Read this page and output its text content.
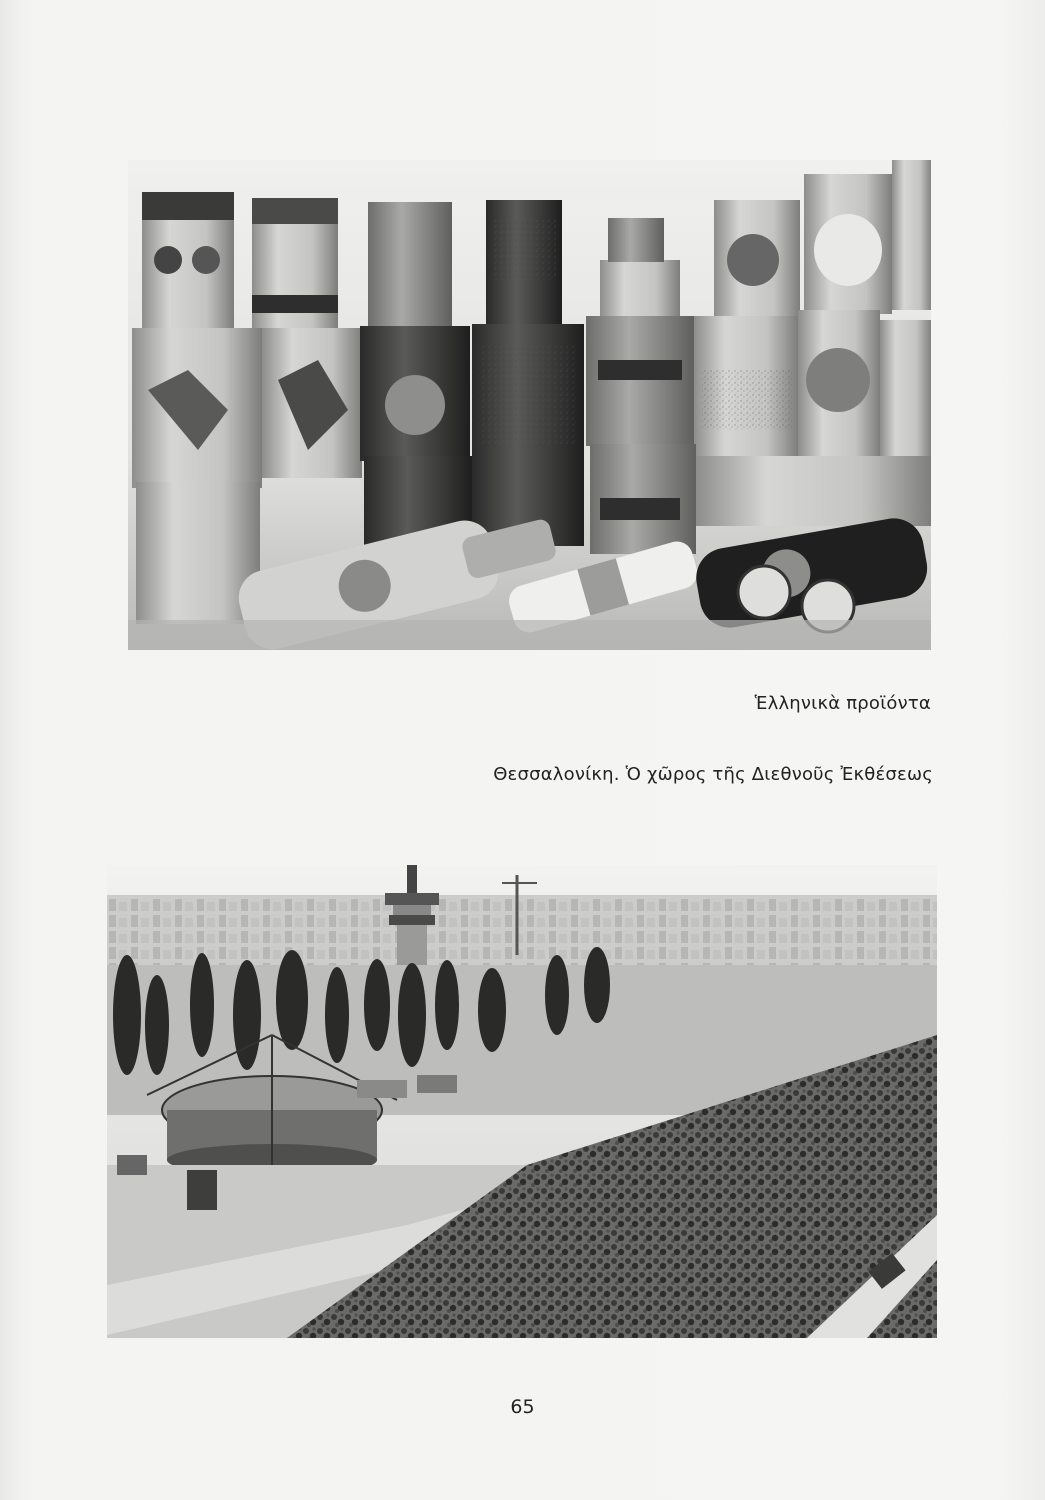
Ἑλληνικὰ προϊόντα
Θεσσαλονίκη. Ὁ χῶρος τῆς Διεθνοῦς Ἐκθέσεως
65
